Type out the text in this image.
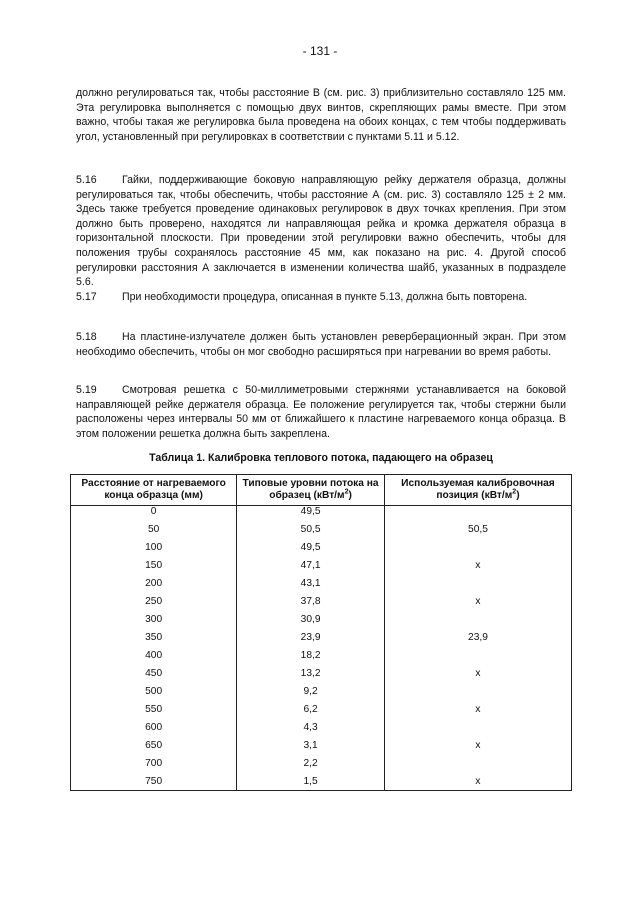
- 131 -

должно регулироваться так, чтобы расстояние В (см. рис. 3) приблизительно составляло 125 мм. Эта регулировка выполняется с помощью двух винтов, скрепляющих рамы вместе. При этом важно, чтобы такая же регулировка была проведена на обоих концах, с тем чтобы поддерживать угол, установленный при регулировках в соответствии с пунктами 5.11 и 5.12.

5.16 Гайки, поддерживающие боковую направляющую рейку держателя образца, должны регулироваться так, чтобы обеспечить, чтобы расстояние А (см. рис. 3) составляло 125 ± 2 мм. Здесь также требуется проведение одинаковых регулировок в двух точках крепления. При этом должно быть проверено, находятся ли направляющая рейка и кромка держателя образца в горизонтальной плоскости. При проведении этой регулировки важно обеспечить, чтобы для положения трубы сохранялось расстояние 45 мм, как показано на рис. 4. Другой способ регулировки расстояния А заключается в изменении количества шайб, указанных в подразделе 5.6.

5.17 При необходимости процедура, описанная в пункте 5.13, должна быть повторена.

5.18 На пластине-излучателе должен быть установлен реверберационный экран. При этом необходимо обеспечить, чтобы он мог свободно расширяться при нагревании во время работы.

5.19 Смотровая решетка с 50-миллиметровыми стержнями устанавливается на боковой направляющей рейке держателя образца. Ее положение регулируется так, чтобы стержни были расположены через интервалы 50 мм от ближайшего к пластине нагреваемого конца образца. В этом положении решетка должна быть закреплена.

Таблица 1. Калибровка теплового потока, падающего на образец
Расстояние от нагреваемого конца образца (мм)	Типовые уровни потока на образец $(кВт/м^2)$	Используемая калибровочная позиция $(кВт/м^2)$
0	49,5	
50	50,5	50,5
100	49,5	
150	47,1	x
200	43,1	
250	37,8	x
300	30,9	
350	23,9	23,9
400	18,2	
450	13,2	x
500	9,2	
550	6,2	x
600	4,3	
650	3,1	x
700	2,2	
750	1,5	x
